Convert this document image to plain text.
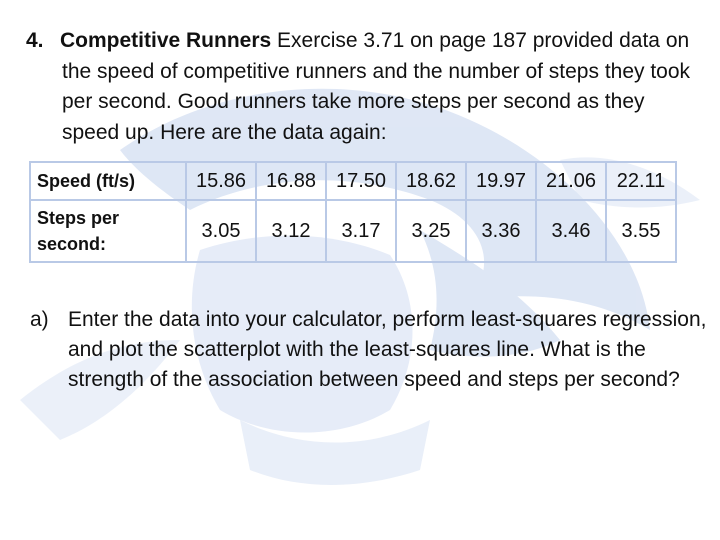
4. Competitive Runners Exercise 3.71 on page 187 provided data on the speed of competitive runners and the number of steps they took per second. Good runners take more steps per second as they speed up. Here are the data again:
Speed (ft/s)	15.86	16.88	17.50	18.62	19.97	21.06	22.11
Steps per second:	3.05	3.12	3.17	3.25	3.36	3.46	3.55
a) Enter the data into your calculator, perform least-squares regression, and plot the scatterplot with the least-squares line. What is the strength of the association between speed and steps per second?
